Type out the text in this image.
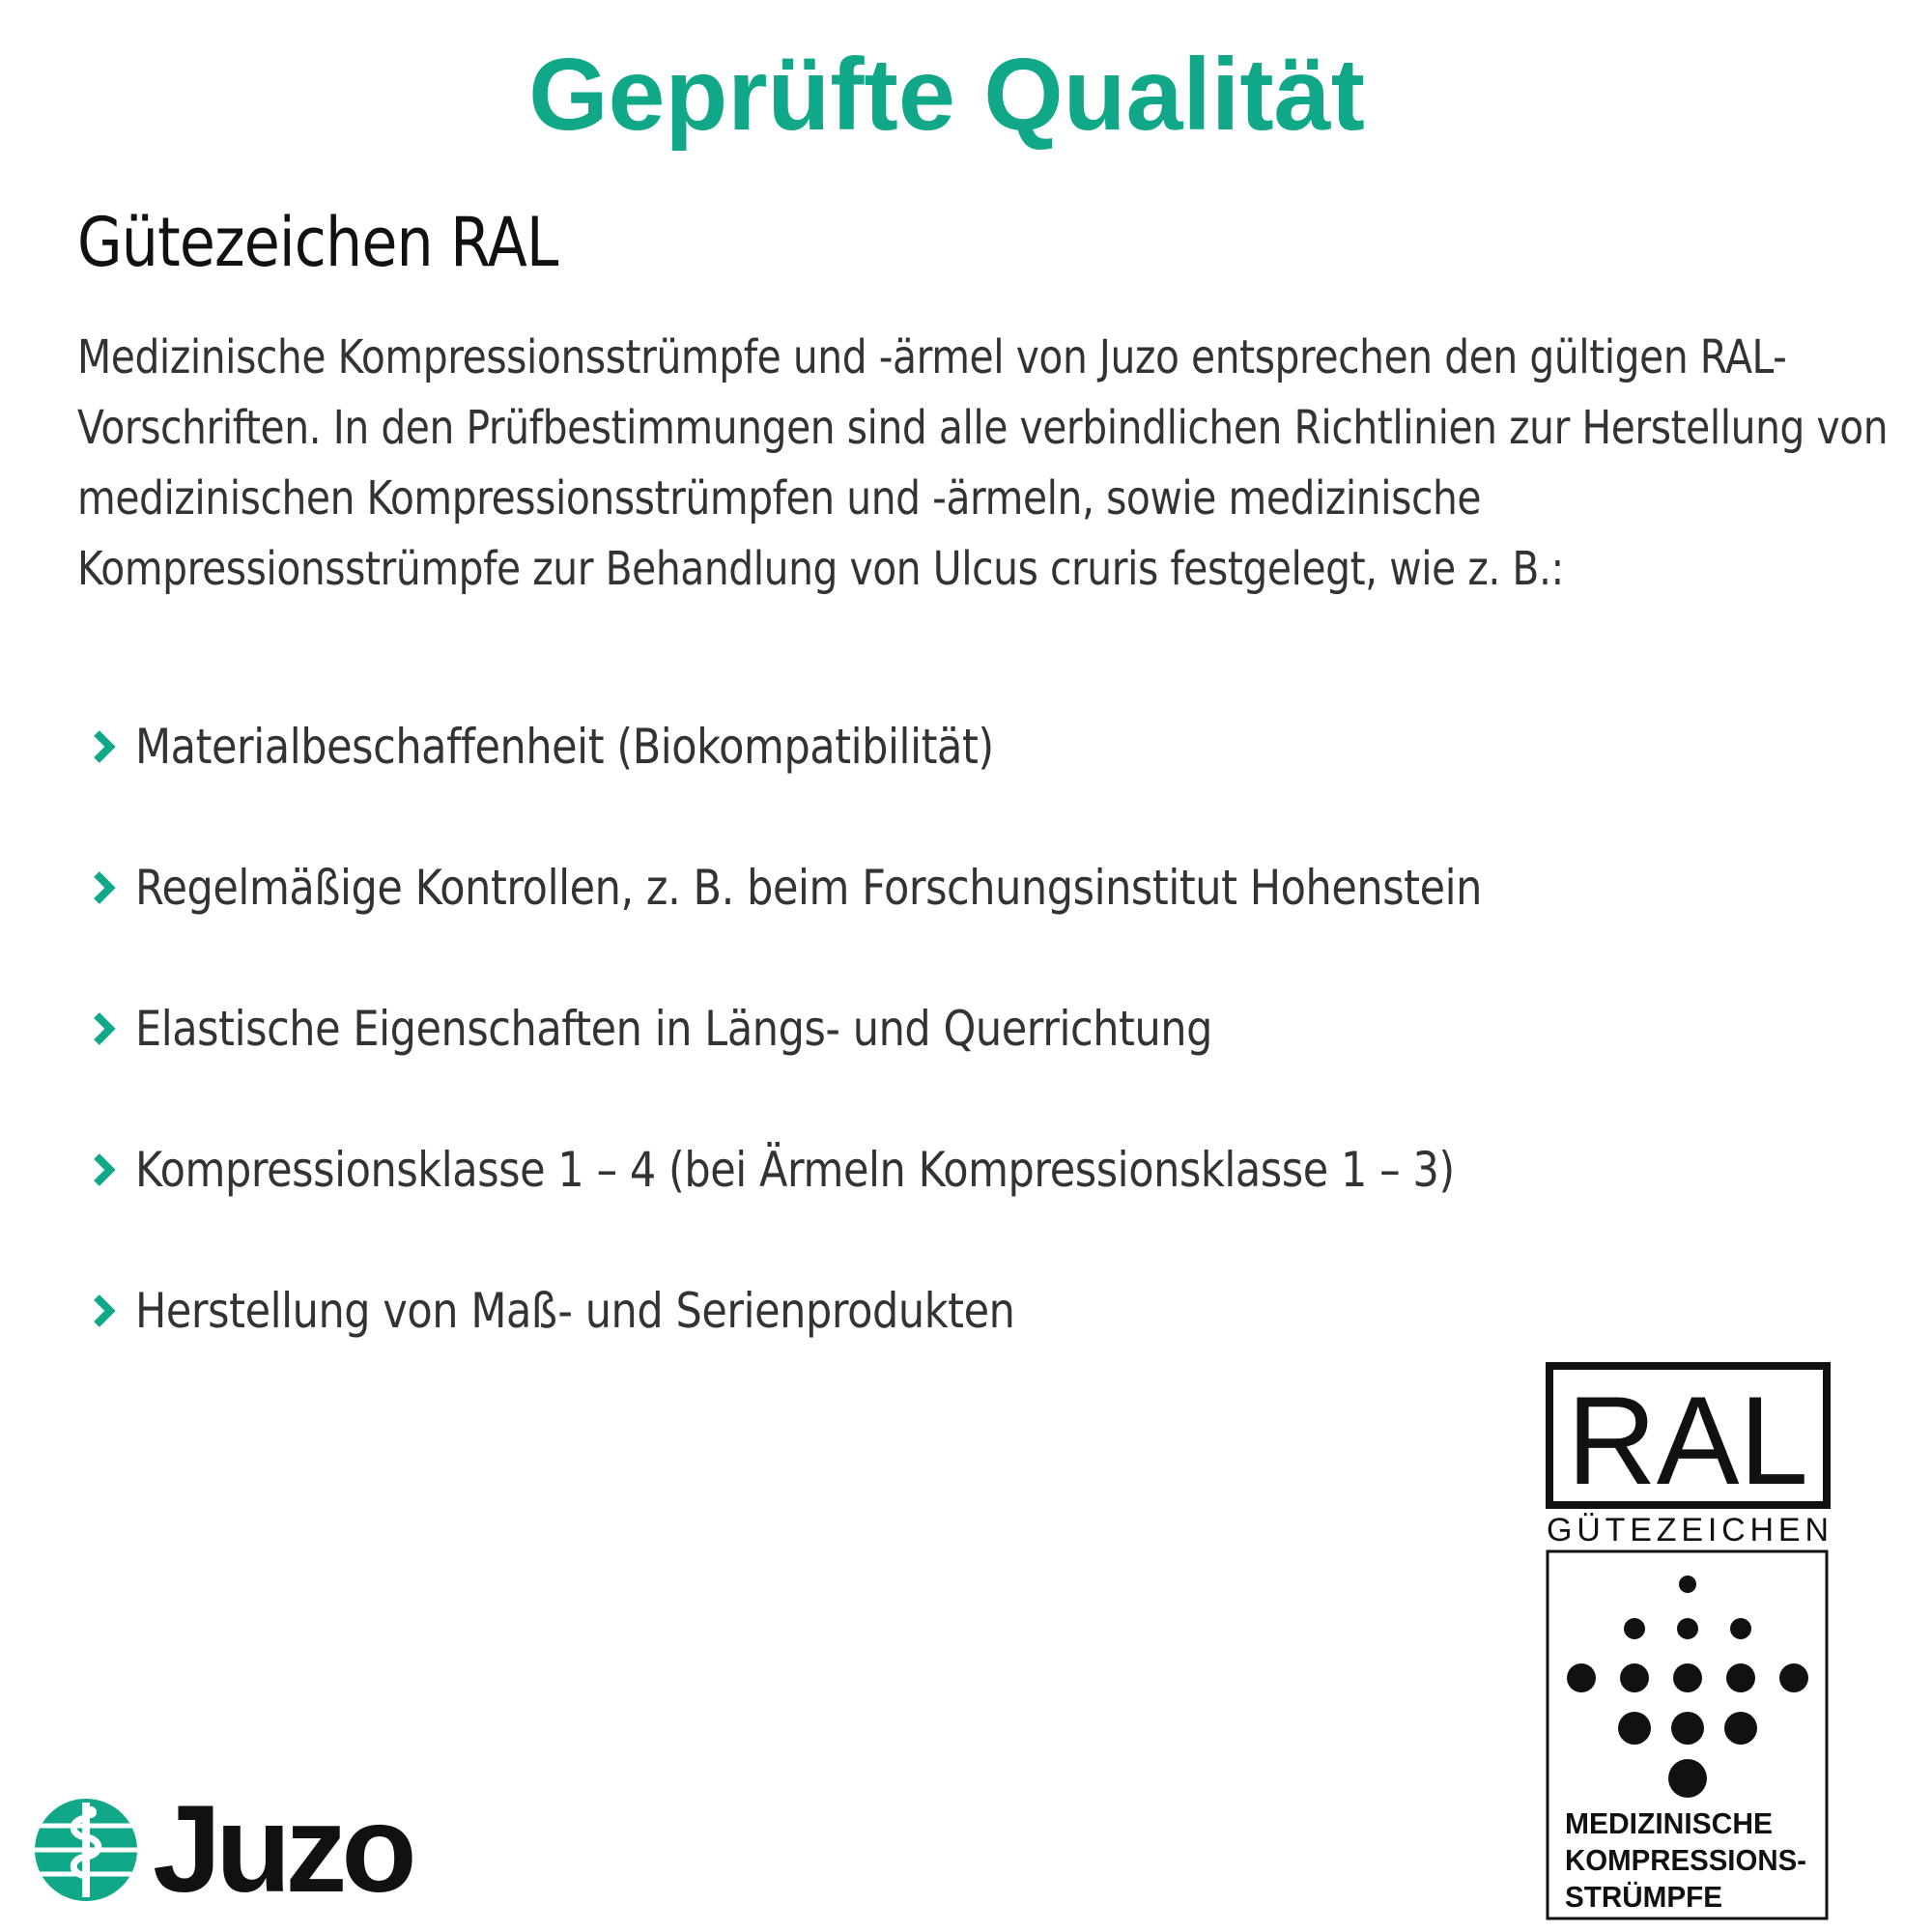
Geprüfte Qualität
Gütezeichen RAL
Medizinische Kompressionsstrümpfe und -ärmel von Juzo entsprechen den gültigen RAL-Vorschriften. In den Prüfbestimmungen sind alle verbindlichen Richtlinien zur Herstellung von medizinischen Kompressionsstrümpfen und -ärmeln, sowie medizinische Kompressionsstrümpfe zur Behandlung von Ulcus cruris festgelegt, wie z. B.:
Materialbeschaffenheit (Biokompatibilität)
Regelmäßige Kontrollen, z. B. beim Forschungsinstitut Hohenstein
Elastische Eigenschaften in Längs- und Querrichtung
Kompressionsklasse 1 – 4 (bei Ärmeln Kompressionsklasse 1 – 3)
Herstellung von Maß- und Serienprodukten
Juzo
RAL
GÜTEZEICHEN
MEDIZINISCHE
KOMPRESSIONS-
STRÜMPFE
